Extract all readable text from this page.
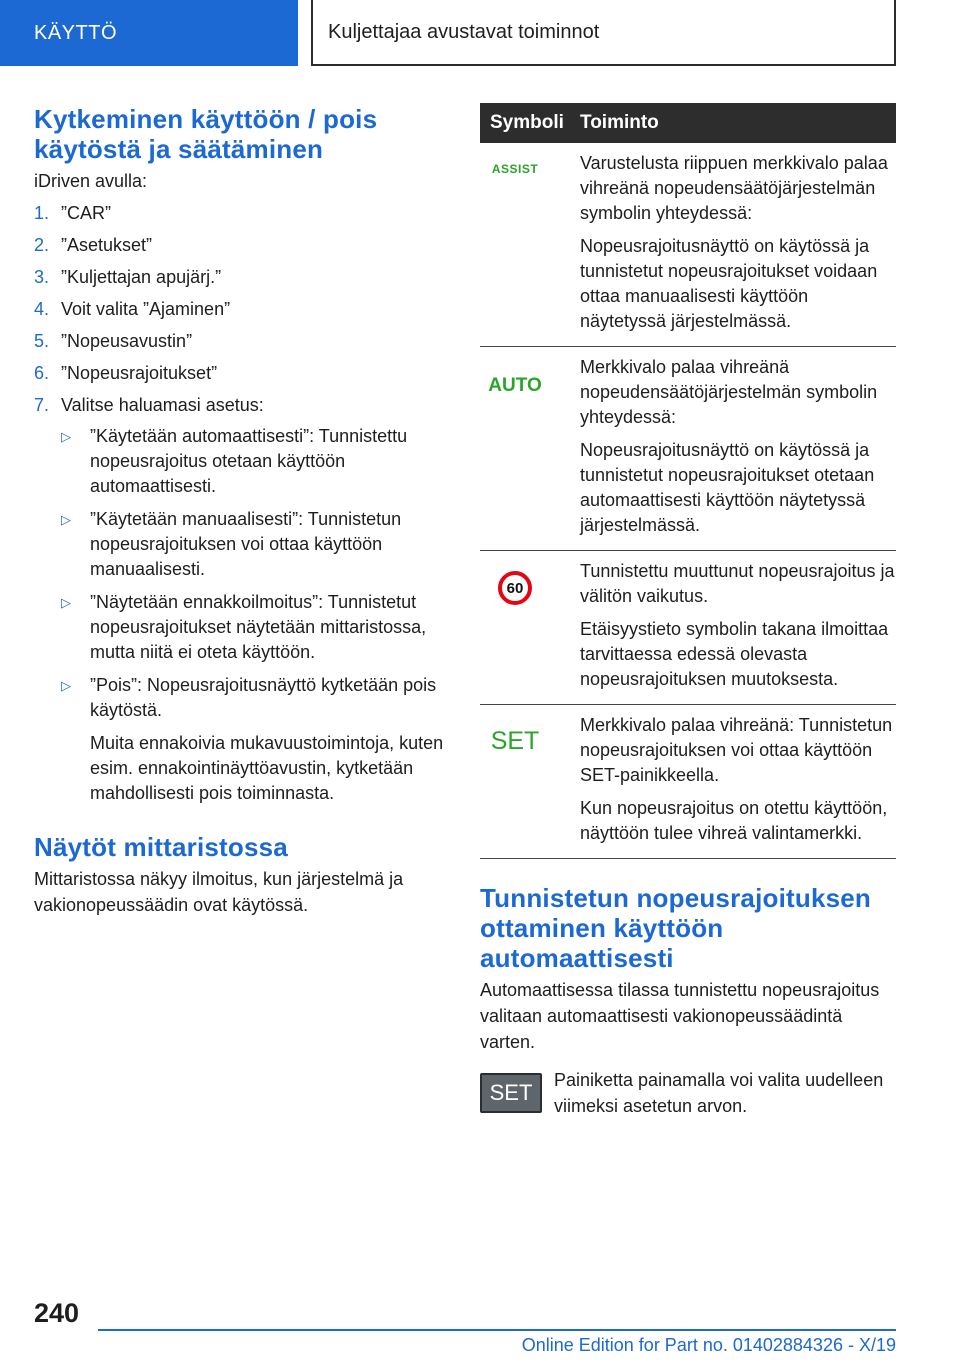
KÄYTTÖ	Kuljettajaa avustavat toiminnot
Kytkeminen käyttöön / pois käytöstä ja säätäminen

iDriven avulla:

1. ”CAR”
2. ”Asetukset”
3. ”Kuljettajan apujärj.”
4. Voit valita ”Ajaminen”
5. ”Nopeusavustin”
6. ”Nopeusrajoitukset”
7. Valitse haluamasi asetus:
▷	”Käytetään automaattisesti”: Tunnistettu nopeusrajoitus otetaan käyttöön automaattisesti.

▷	”Käytetään manuaalisesti”: Tunnistetun nopeusrajoituksen voi ottaa käyttöön manuaalisesti.

▷	”Näytetään ennakkoilmoitus”: Tunnistetut nopeusrajoitukset näytetään mittaristossa, mutta niitä ei oteta käyttöön.

▷	”Pois”: Nopeusrajoitusnäyttö kytketään pois käytöstä.

Muita ennakoivia mukavuustoimintoja, kuten esim. ennakointinäyttöavustin, kytketään mahdollisesti pois toiminnasta.

Näytöt mittaristossa

Mittaristossa näkyy ilmoitus, kun järjestelmä ja vakionopeussäädin ovat käytössä.

Symboli	Toiminto

ASSIST	Varustelusta riippuen merkkivalo palaa vihreänä nopeudensäätöjärjestelmän symbolin yhteydessä:

Nopeusrajoitusnäyttö on käytössä ja tunnistetut nopeusrajoitukset voidaan ottaa manuaalisesti käyttöön näytetyssä järjestelmässä.

AUTO	Merkkivalo palaa vihreänä nopeudensäätöjärjestelmän symbolin yhteydessä:

Nopeusrajoitusnäyttö on käytössä ja tunnistetut nopeusrajoitukset otetaan automaattisesti käyttöön näytetyssä järjestelmässä.

60	Tunnistettu muuttunut nopeusrajoitus ja välitön vaikutus.

Etäisyystieto symbolin takana ilmoittaa tarvittaessa edessä olevasta nopeusrajoituksen muutoksesta.

SET	Merkkivalo palaa vihreänä: Tunnistetun nopeusrajoituksen voi ottaa käyttöön SET-painikkeella.

Kun nopeusrajoitus on otettu käyttöön, näyttöön tulee vihreä valintamerkki.

Tunnistetun nopeusrajoituksen ottaminen käyttöön automaattisesti

Automaattisessa tilassa tunnistettu nopeusrajoitus valitaan automaattisesti vakionopeussäädintä varten.

SET	Painiketta painamalla voi valita uudelleen viimeksi asetetun arvon.

240
Online Edition for Part no. 01402884326 - X/19
